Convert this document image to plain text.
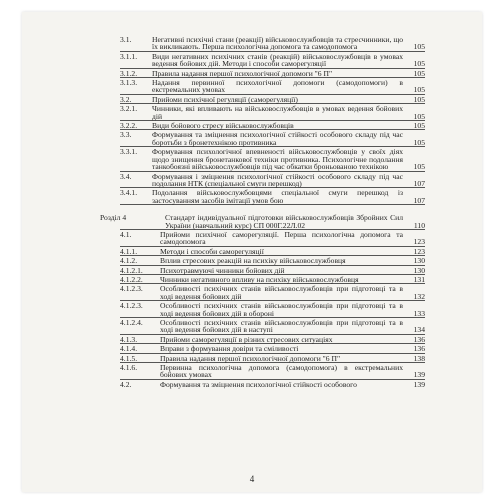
3.1.	Негативні психічні стани (реакції) військовослужбовців та стресчинники, що їх викликають. Перша психологічна допомога та самодопомога	105
3.1.1. Види негативних психічних станів (реакцій) військовослужбовців в умовах ведення бойових дій. Методи і способи саморегуляції	105
3.1.2. Правила надання першої психологічної допомоги "6 П"	105
3.1.3. Надання первинної психологічної допомоги (самодопомоги) в екстремальних умовах	105
3.2.	Прийоми психічної регуляції (саморегуляції)	105
3.2.1. Чинники, які впливають на військовослужбовців в умовах ведення бойових дій	105
3.2.2. Види бойового стресу військовослужбовців	105
3.3.	Формування та зміцнення психологічної стійкості особового складу під час боротьби з бронетехнікою противника	105
3.3.1. Формування психологічної впевненості військовослужбовців у своїх діях щодо знищення бронетанкової техніки противника. Психологічне подолання танкобоязні військовослужбовців під час обкатки броньованою технікою	105
3.4.	Формування і зміцнення психологічної стійкості особового складу під час подолання НТК (спеціальної смуги перешкод)	107
3.4.1. Подолання військовослужбовцями спеціальної смуги перешкод із застосуванням засобів імітації умов бою	107
Розділ 4	Стандарт індивідуальної підготовки військовослужбовців Збройних Сил України (навчальний курс) СП 000Г.22Л.02	110
4.1.	Прийоми психічної саморегуляції. Перша психологічна допомога та самодопомога	123
4.1.1.	Методи і способи саморегуляції	123
4.1.2.	Вплив стресових реакцій на психіку військовослужбовця	130
4.1.2.1. Психотравмуючі чинники бойових дій	130
4.1.2.2. Чинники негативного впливу на психіку військовослужбовця	131
4.1.2.3. Особливості психічних станів військовослужбовців при підготовці та в ході ведення бойових дій	132
4.1.2.3. Особливості психічних станів військовослужбовців при підготовці та в ході ведення бойових дій в обороні	133
4.1.2.4. Особливості психічних станів військовослужбовців при підготовці та в ході ведення бойових дій в наступі	134
4.1.3.	Прийоми саморегуляції в різних стресових ситуаціях	136
4.1.4.	Вправи з формування довіри та сміливості	136
4.1.5.	Правила надання першої психологічної допомоги "6 П"	138
4.1.6.	Первинна психологічна допомога (самодопомога) в екстремальних бойових умовах	139
4.2.	Формування та зміцнення психологічної стійкості особового	139
4
